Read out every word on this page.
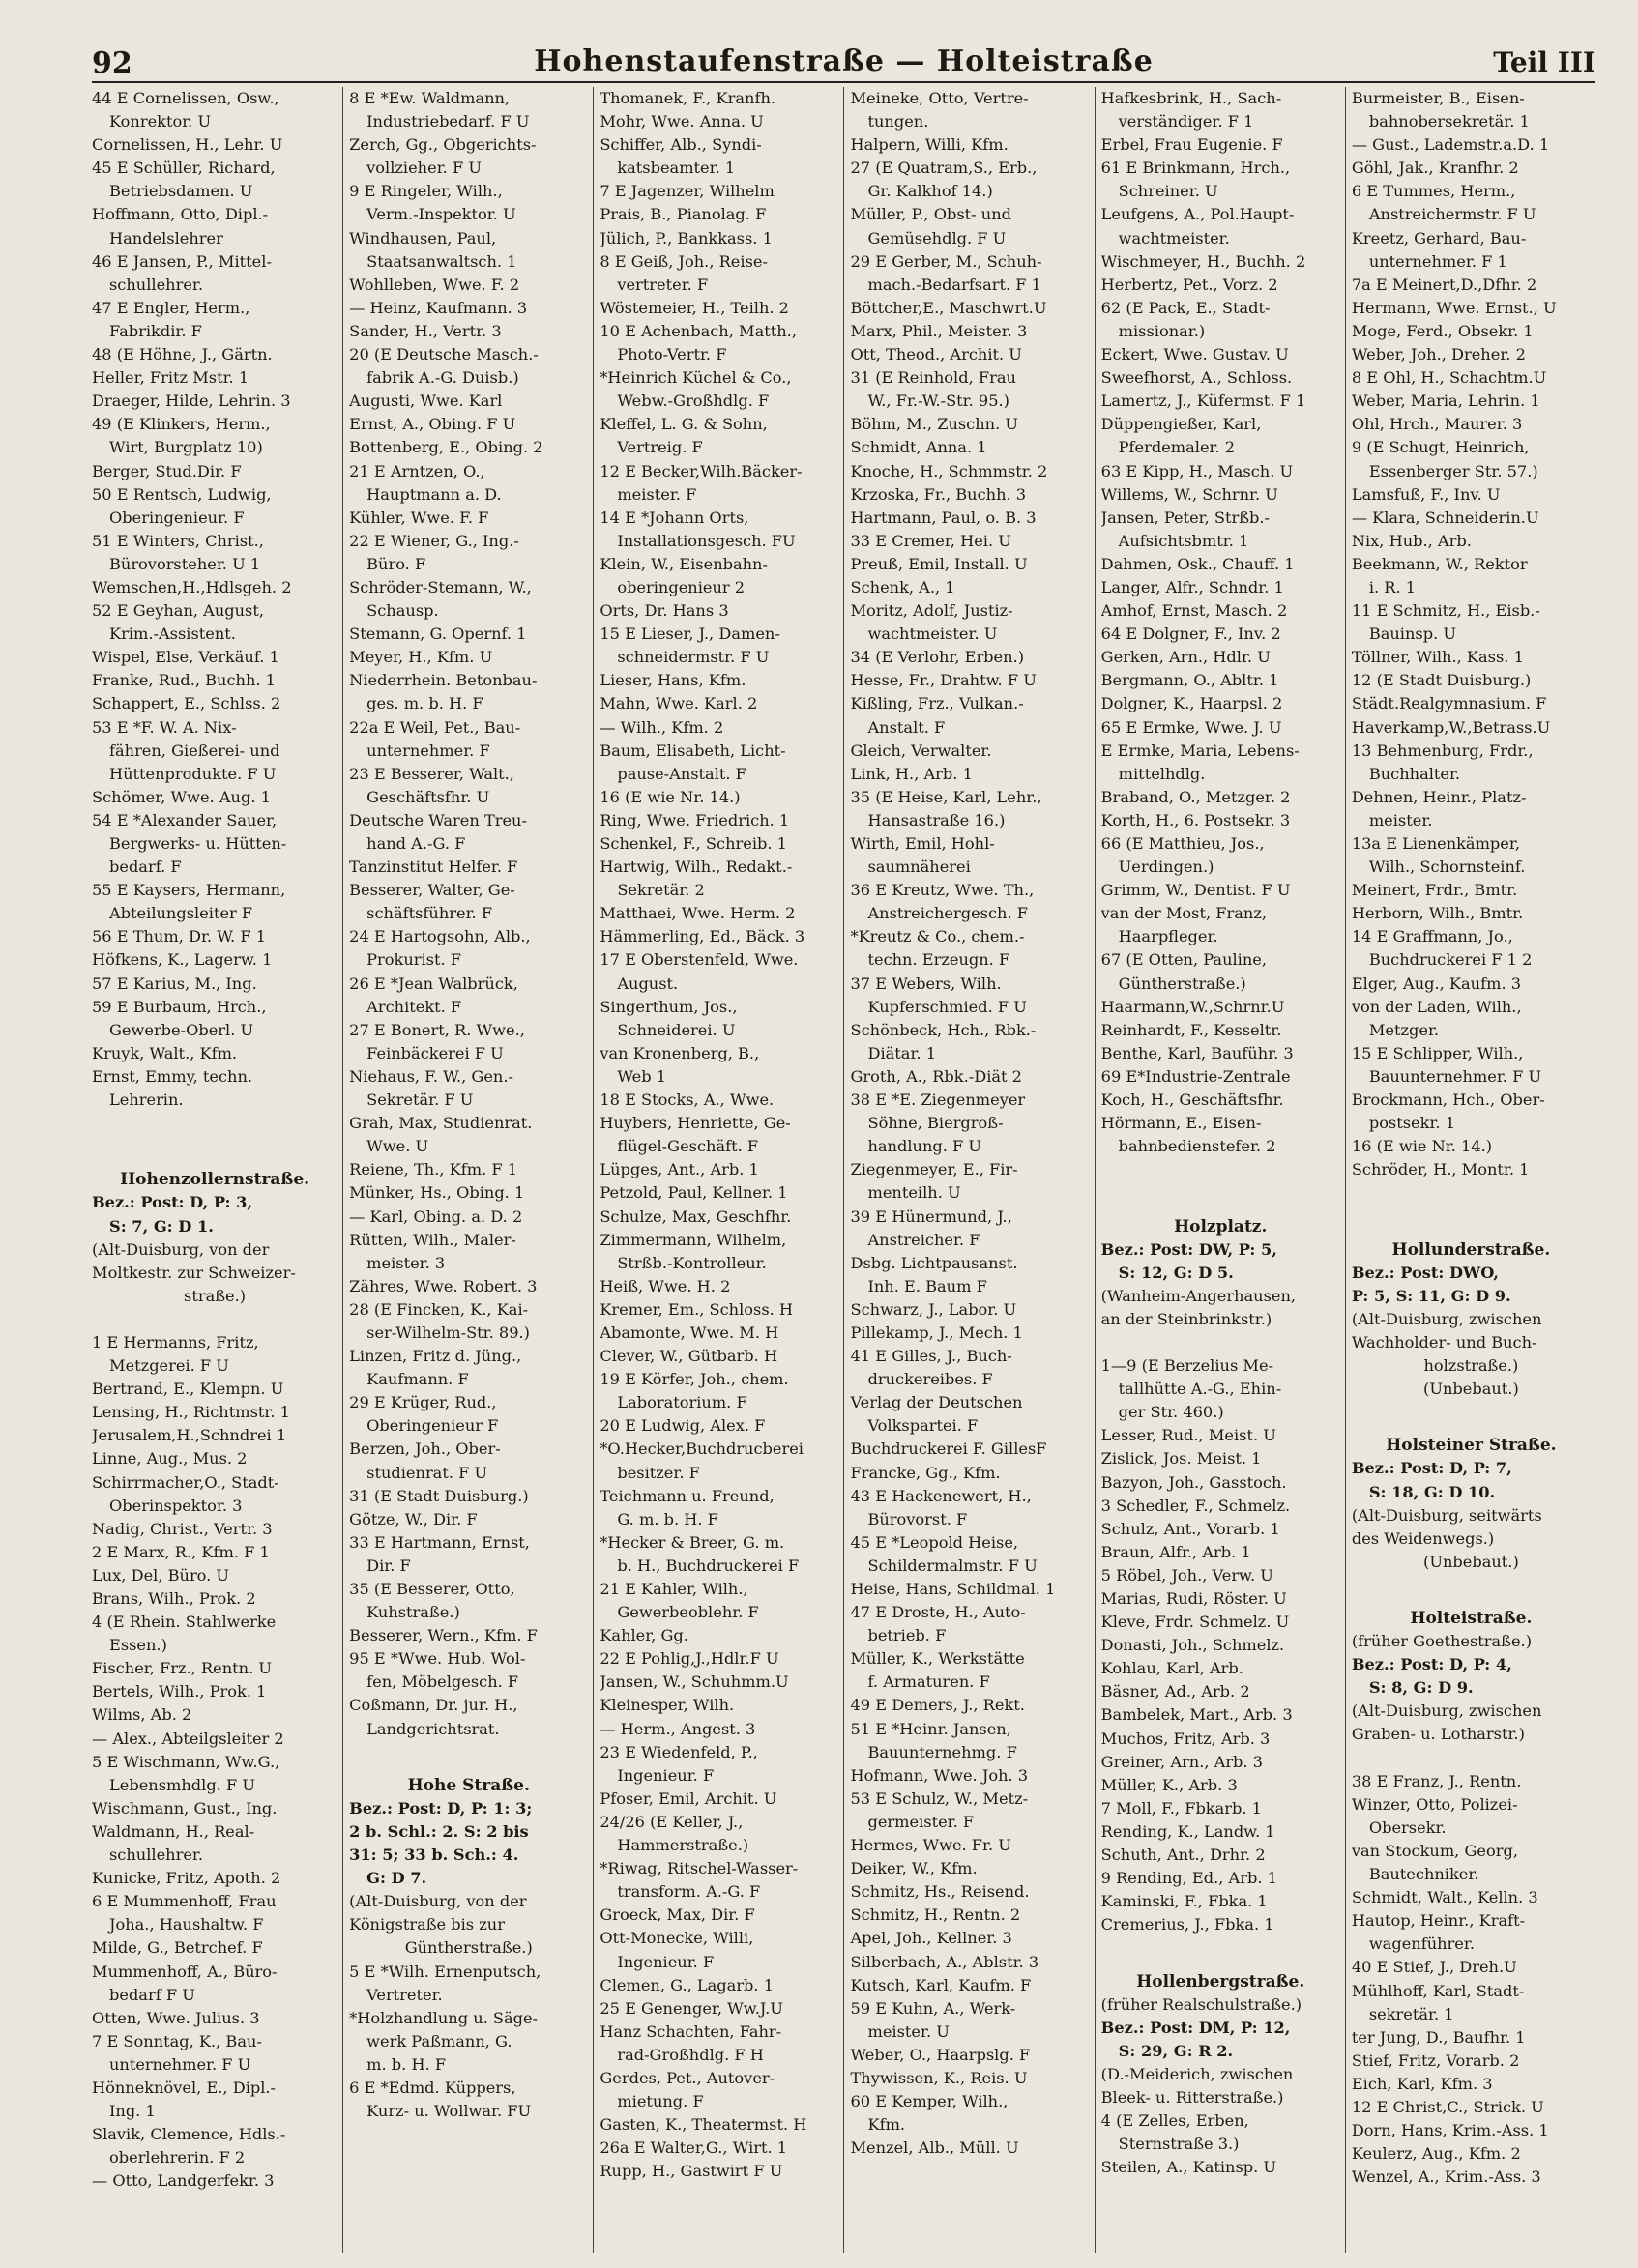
92	Hohenstaufenstraße — Holteistraße	Teil III
44 E Cornelissen, Osw.,
Konrektor. U
Cornelissen, H., Lehr. U
45 E Schüller, Richard,
Betriebsdamen. U
Hoffmann, Otto, Dipl.-
Handelslehrer
46 E Jansen, P., Mittel-
schullehrer.
47 E Engler, Herm.,
Fabrikdir. F
48 (E Höhne, J., Gärtn.
Heller, Fritz Mstr. 1
Draeger, Hilde, Lehrin. 3
49 (E Klinkers, Herm.,
Wirt, Burgplatz 10)
Berger, Stud.Dir. F
50 E Rentsch, Ludwig,
Oberingenieur. F
51 E Winters, Christ.,
Bürovorsteher. U 1
Wemschen,H.,Hdlsgeh. 2
52 E Geyhan, August,
Krim.-Assistent.
Wispel, Else, Verkäuf. 1
Franke, Rud., Buchh. 1
Schappert, E., Schlss. 2
53 E *F. W. A. Nix-
fähren, Gießerei- und
Hüttenprodukte. F U
Schömer, Wwe. Aug. 1
54 E *Alexander Sauer,
Bergwerks- u. Hütten-
bedarf. F
55 E Kaysers, Hermann,
Abteilungsleiter F
56 E Thum, Dr. W. F 1
Höfkens, K., Lagerw. 1
57 E Karius, M., Ing.
59 E Burbaum, Hrch.,
Gewerbe-Oberl. U
Kruyk, Walt., Kfm.
Ernst, Emmy, techn.
Lehrerin.
Hohenzollernstraße.
Bez.: Post: D, P: 3,
S: 7, G: D 1.
(Alt-Duisburg, von der
Moltkestr. zur Schweizer-
straße.)
1 E Hermanns, Fritz,
Metzgerei. F U
Bertrand, E., Klempn. U
Lensing, H., Richtmstr. 1
Jerusalem,H.,Schndrei 1
Linne, Aug., Mus. 2
Schirrmacher,O., Stadt-
Oberinspektor. 3
Nadig, Christ., Vertr. 3
2 E Marx, R., Kfm. F 1
Lux, Del, Büro. U
Brans, Wilh., Prok. 2
4 (E Rhein. Stahlwerke
Essen.)
Fischer, Frz., Rentn. U
Bertels, Wilh., Prok. 1
Wilms, Ab. 2
— Alex., Abteilgsleiter 2
5 E Wischmann, Ww.G.,
Lebensmhdlg. F U
Wischmann, Gust., Ing.
Waldmann, H., Real-
schullehrer.
Kunicke, Fritz, Apoth. 2
6 E Mummenhoff, Frau
Joha., Haushaltw. F
Milde, G., Betrchef. F
Mummenhoff, A., Büro-
bedarf F U
Otten, Wwe. Julius. 3
7 E Sonntag, K., Bau-
unternehmer. F U
Hönneknövel, E., Dipl.-
Ing. 1
Slavik, Clemence, Hdls.-
oberlehrerin. F 2
— Otto, Landgerfekr. 3
8 E *Ew. Waldmann,
Industriebedarf. F U
Zerch, Gg., Obgerichts-
vollzieher. F U
9 E Ringeler, Wilh.,
Verm.-Inspektor. U
Windhausen, Paul,
Staatsanwaltsch. 1
Wohlleben, Wwe. F. 2
— Heinz, Kaufmann. 3
Sander, H., Vertr. 3
20 (E Deutsche Masch.-
fabrik A.-G. Duisb.)
Augusti, Wwe. Karl
Ernst, A., Obing. F U
Bottenberg, E., Obing. 2
21 E Arntzen, O.,
Hauptmann a. D.
Kühler, Wwe. F. F
22 E Wiener, G., Ing.-
Büro. F
Schröder-Stemann, W.,
Schausp.
Stemann, G. Opernf. 1
Meyer, H., Kfm. U
Niederrhein. Betonbau-
ges. m. b. H. F
22a E Weil, Pet., Bau-
unternehmer. F
23 E Besserer, Walt.,
Geschäftsfhr. U
Deutsche Waren Treu-
hand A.-G. F
Tanzinstitut Helfer. F
Besserer, Walter, Ge-
schäftsführer. F
24 E Hartogsohn, Alb.,
Prokurist. F
26 E *Jean Walbrück,
Architekt. F
27 E Bonert, R. Wwe.,
Feinbäckerei F U
Niehaus, F. W., Gen.-
Sekretär. F U
Grah, Max, Studienrat.
Wwe. U
Reiene, Th., Kfm. F 1
Münker, Hs., Obing. 1
— Karl, Obing. a. D. 2
Rütten, Wilh., Maler-
meister. 3
Zähres, Wwe. Robert. 3
28 (E Fincken, K., Kai-
ser-Wilhelm-Str. 89.)
Linzen, Fritz d. Jüng.,
Kaufmann. F
29 E Krüger, Rud.,
Oberingenieur F
Berzen, Joh., Ober-
studienrat. F U
31 (E Stadt Duisburg.)
Götze, W., Dir. F
33 E Hartmann, Ernst,
Dir. F
35 (E Besserer, Otto,
Kuhstraße.)
Besserer, Wern., Kfm. F
95 E *Wwe. Hub. Wol-
fen, Möbelgesch. F
Coßmann, Dr. jur. H.,
Landgerichtsrat.
Hohe Straße.
Bez.: Post: D, P: 1: 3;
2 b. Schl.: 2. S: 2 bis
31: 5; 33 b. Sch.: 4.
G: D 7.
(Alt-Duisburg, von der
Königstraße bis zur
Güntherstraße.)
5 E *Wilh. Ernenputsch,
Vertreter.
*Holzhandlung u. Säge-
werk Paßmann, G.
m. b. H. F
6 E *Edmd. Küppers,
Kurz- u. Wollwar. FU
Thomanek, F., Kranfh.
Mohr, Wwe. Anna. U
Schiffer, Alb., Syndi-
katsbeamter. 1
7 E Jagenzer, Wilhelm
Prais, B., Pianolag. F
Jülich, P., Bankkass. 1
8 E Geiß, Joh., Reise-
vertreter. F
Wöstemeier, H., Teilh. 2
10 E Achenbach, Matth.,
Photo-Vertr. F
*Heinrich Küchel & Co.,
Webw.-Großhdlg. F
Kleffel, L. G. & Sohn,
Vertreig. F
12 E Becker,Wilh.Bäcker-
meister. F
14 E *Johann Orts,
Installationsgesch. FU
Klein, W., Eisenbahn-
oberingenieur 2
Orts, Dr. Hans 3
15 E Lieser, J., Damen-
schneidermstr. F U
Lieser, Hans, Kfm.
Mahn, Wwe. Karl. 2
— Wilh., Kfm. 2
Baum, Elisabeth, Licht-
pause-Anstalt. F
16 (E wie Nr. 14.)
Ring, Wwe. Friedrich. 1
Schenkel, F., Schreib. 1
Hartwig, Wilh., Redakt.-
Sekretär. 2
Matthaei, Wwe. Herm. 2
Hämmerling, Ed., Bäck. 3
17 E Oberstenfeld, Wwe.
August.
Singerthum, Jos.,
Schneiderei. U
van Kronenberg, B.,
Web 1
18 E Stocks, A., Wwe.
Huybers, Henriette, Ge-
flügel-Geschäft. F
Lüpges, Ant., Arb. 1
Petzold, Paul, Kellner. 1
Schulze, Max, Geschfhr.
Zimmermann, Wilhelm,
Strßb.-Kontrolleur.
Heiß, Wwe. H. 2
Kremer, Em., Schloss. H
Abamonte, Wwe. M. H
Clever, W., Gütbarb. H
19 E Körfer, Joh., chem.
Laboratorium. F
20 E Ludwig, Alex. F
*O.Hecker,Buchdrucberei
besitzer. F
Teichmann u. Freund,
G. m. b. H. F
*Hecker & Breer, G. m.
b. H., Buchdruckerei F
21 E Kahler, Wilh.,
Gewerbeoblehr. F
Kahler, Gg.
22 E Pohlig,J.,Hdlr.F U
Jansen, W., Schuhmm.U
Kleinesper, Wilh.
— Herm., Angest. 3
23 E Wiedenfeld, P.,
Ingenieur. F
Pfoser, Emil, Archit. U
24/26 (E Keller, J.,
Hammerstraße.)
*Riwag, Ritschel-Wasser-
transform. A.-G. F
Groeck, Max, Dir. F
Ott-Monecke, Willi,
Ingenieur. F
Clemen, G., Lagarb. 1
25 E Genenger, Ww.J.U
Hanz Schachten, Fahr-
rad-Großhdlg. F H
Gerdes, Pet., Autover-
mietung. F
Gasten, K., Theatermst. H
26a E Walter,G., Wirt. 1
Rupp, H., Gastwirt F U
Meineke, Otto, Vertre-
tungen.
Halpern, Willi, Kfm.
27 (E Quatram,S., Erb.,
Gr. Kalkhof 14.)
Müller, P., Obst- und
Gemüsehdlg. F U
29 E Gerber, M., Schuh-
mach.-Bedarfsart. F 1
Böttcher,E., Maschwrt.U
Marx, Phil., Meister. 3
Ott, Theod., Archit. U
31 (E Reinhold, Frau
W., Fr.-W.-Str. 95.)
Böhm, M., Zuschn. U
Schmidt, Anna. 1
Knoche, H., Schmmstr. 2
Krzoska, Fr., Buchh. 3
Hartmann, Paul, o. B. 3
33 E Cremer, Hei. U
Preuß, Emil, Install. U
Schenk, A., 1
Moritz, Adolf, Justiz-
wachtmeister. U
34 (E Verlohr, Erben.)
Hesse, Fr., Drahtw. F U
Kißling, Frz., Vulkan.-
Anstalt. F
Gleich, Verwalter.
Link, H., Arb. 1
35 (E Heise, Karl, Lehr.,
Hansastraße 16.)
Wirth, Emil, Hohl-
saumnäherei
36 E Kreutz, Wwe. Th.,
Anstreichergesch. F
*Kreutz & Co., chem.-
techn. Erzeugn. F
37 E Webers, Wilh.
Kupferschmied. F U
Schönbeck, Hch., Rbk.-
Diätar. 1
Groth, A., Rbk.-Diät 2
38 E *E. Ziegenmeyer
Söhne, Biergroß-
handlung. F U
Ziegenmeyer, E., Fir-
menteilh. U
39 E Hünermund, J.,
Anstreicher. F
Dsbg. Lichtpausanst.
Inh. E. Baum F
Schwarz, J., Labor. U
Pillekamp, J., Mech. 1
41 E Gilles, J., Buch-
druckereibes. F
Verlag der Deutschen
Volkspartei. F
Buchdruckerei F. GillesF
Francke, Gg., Kfm.
43 E Hackenewert, H.,
Bürovorst. F
45 E *Leopold Heise,
Schildermalmstr. F U
Heise, Hans, Schildmal. 1
47 E Droste, H., Auto-
betrieb. F
Müller, K., Werkstätte
f. Armaturen. F
49 E Demers, J., Rekt.
51 E *Heinr. Jansen,
Bauunternehmg. F
Hofmann, Wwe. Joh. 3
53 E Schulz, W., Metz-
germeister. F
Hermes, Wwe. Fr. U
Deiker, W., Kfm.
Schmitz, Hs., Reisend.
Schmitz, H., Rentn. 2
Apel, Joh., Kellner. 3
Silberbach, A., Ablstr. 3
Kutsch, Karl, Kaufm. F
59 E Kuhn, A., Werk-
meister. U
Weber, O., Haarpslg. F
Thywissen, K., Reis. U
60 E Kemper, Wilh.,
Kfm.
Menzel, Alb., Müll. U
Hafkesbrink, H., Sach-
verständiger. F 1
Erbel, Frau Eugenie. F
61 E Brinkmann, Hrch.,
Schreiner. U
Leufgens, A., Pol.Haupt-
wachtmeister.
Wischmeyer, H., Buchh. 2
Herbertz, Pet., Vorz. 2
62 (E Pack, E., Stadt-
missionar.)
Eckert, Wwe. Gustav. U
Sweefhorst, A., Schloss.
Lamertz, J., Küfermst. F 1
Düppengießer, Karl,
Pferdemaler. 2
63 E Kipp, H., Masch. U
Willems, W., Schrnr. U
Jansen, Peter, Strßb.-
Aufsichtsbmtr. 1
Dahmen, Osk., Chauff. 1
Langer, Alfr., Schndr. 1
Amhof, Ernst, Masch. 2
64 E Dolgner, F., Inv. 2
Gerken, Arn., Hdlr. U
Bergmann, O., Abltr. 1
Dolgner, K., Haarpsl. 2
65 E Ermke, Wwe. J. U
E Ermke, Maria, Lebens-
mittelhdlg.
Braband, O., Metzger. 2
Korth, H., 6. Postsekr. 3
66 (E Matthieu, Jos.,
Uerdingen.)
Grimm, W., Dentist. F U
van der Most, Franz,
Haarpfleger.
67 (E Otten, Pauline,
Güntherstraße.)
Haarmann,W.,Schrnr.U
Reinhardt, F., Kesseltr.
Benthe, Karl, Bauführ. 3
69 E*Industrie-Zentrale
Koch, H., Geschäftsfhr.
Hörmann, E., Eisen-
bahnbedienstefer. 2
Holzplatz.
Bez.: Post: DW, P: 5,
S: 12, G: D 5.
(Wanheim-Angerhausen,
an der Steinbrinkstr.)
1—9 (E Berzelius Me-
tallhütte A.-G., Ehin-
ger Str. 460.)
Lesser, Rud., Meist. U
Zislick, Jos. Meist. 1
Bazyon, Joh., Gasstoch.
3 Schedler, F., Schmelz.
Schulz, Ant., Vorarb. 1
Braun, Alfr., Arb. 1
5 Röbel, Joh., Verw. U
Marias, Rudi, Röster. U
Kleve, Frdr. Schmelz. U
Donasti, Joh., Schmelz.
Kohlau, Karl, Arb.
Bäsner, Ad., Arb. 2
Bambelek, Mart., Arb. 3
Muchos, Fritz, Arb. 3
Greiner, Arn., Arb. 3
Müller, K., Arb. 3
7 Moll, F., Fbkarb. 1
Rending, K., Landw. 1
Schuth, Ant., Drhr. 2
9 Rending, Ed., Arb. 1
Kaminski, F., Fbka. 1
Cremerius, J., Fbka. 1
Hollenbergstraße.
(früher Realschulstraße.)
Bez.: Post: DM, P: 12,
S: 29, G: R 2.
(D.-Meiderich, zwischen
Bleek- u. Ritterstraße.)
4 (E Zelles, Erben,
Sternstraße 3.)
Steilen, A., Katinsp. U
Burmeister, B., Eisen-
bahnobersekretär. 1
— Gust., Lademstr.a.D. 1
Göhl, Jak., Kranfhr. 2
6 E Tummes, Herm.,
Anstreichermstr. F U
Kreetz, Gerhard, Bau-
unternehmer. F 1
7a E Meinert,D.,Dfhr. 2
Hermann, Wwe. Ernst., U
Moge, Ferd., Obsekr. 1
Weber, Joh., Dreher. 2
8 E Ohl, H., Schachtm.U
Weber, Maria, Lehrin. 1
Ohl, Hrch., Maurer. 3
9 (E Schugt, Heinrich,
Essenberger Str. 57.)
Lamsfuß, F., Inv. U
— Klara, Schneiderin.U
Nix, Hub., Arb.
Beekmann, W., Rektor
i. R. 1
11 E Schmitz, H., Eisb.-
Bauinsp. U
Töllner, Wilh., Kass. 1
12 (E Stadt Duisburg.)
Städt.Realgymnasium. F
Haverkamp,W.,Betrass.U
13 Behmenburg, Frdr.,
Buchhalter.
Dehnen, Heinr., Platz-
meister.
13a E Lienenkämper,
Wilh., Schornsteinf.
Meinert, Frdr., Bmtr.
Herborn, Wilh., Bmtr.
14 E Graffmann, Jo.,
Buchdruckerei F 1 2
Elger, Aug., Kaufm. 3
von der Laden, Wilh.,
Metzger.
15 E Schlipper, Wilh.,
Bauunternehmer. F U
Brockmann, Hch., Ober-
postsekr. 1
16 (E wie Nr. 14.)
Schröder, H., Montr. 1
Hollunderstraße.
Bez.: Post: DWO,
P: 5, S: 11, G: D 9.
(Alt-Duisburg, zwischen
Wachholder- und Buch-
holzstraße.)
(Unbebaut.)
Holsteiner Straße.
Bez.: Post: D, P: 7,
S: 18, G: D 10.
(Alt-Duisburg, seitwärts
des Weidenwegs.)
(Unbebaut.)
Holteistraße.
(früher Goethestraße.)
Bez.: Post: D, P: 4,
S: 8, G: D 9.
(Alt-Duisburg, zwischen
Graben- u. Lotharstr.)
38 E Franz, J., Rentn.
Winzer, Otto, Polizei-
Obersekr.
van Stockum, Georg,
Bautechniker.
Schmidt, Walt., Kelln. 3
Hautop, Heinr., Kraft-
wagenführer.
40 E Stief, J., Dreh.U
Mühlhoff, Karl, Stadt-
sekretär. 1
ter Jung, D., Baufhr. 1
Stief, Fritz, Vorarb. 2
Eich, Karl, Kfm. 3
12 E Christ,C., Strick. U
Dorn, Hans, Krim.-Ass. 1
Keulerz, Aug., Kfm. 2
Wenzel, A., Krim.-Ass. 3
